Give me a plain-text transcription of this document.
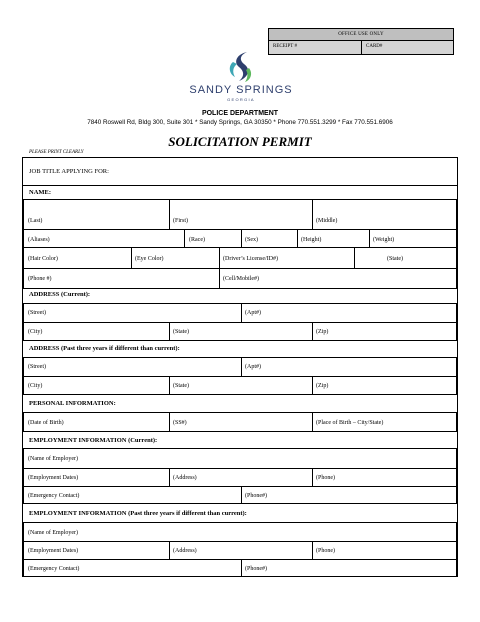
OFFICE USE ONLY
RECEIPT #	CARD#
SANDY SPRINGS
GEORGIA
POLICE DEPARTMENT
7840 Roswell Rd, Bldg 300, Suite 301 * Sandy Springs, GA 30350 * Phone 770.551.3299 * Fax 770.551.6906
SOLICITATION PERMIT
PLEASE PRINT CLEARLY
JOB TITLE APPLYING FOR:
NAME:
(Last)	(First)	(Middle)
(Aliases)	(Race)	(Sex)	(Height)	(Weight)
(Hair Color)	(Eye Color)	(Driver’s License/ID#)	(State)
(Phone #)	(Cell/Mobile#)
ADDRESS (Current):
(Street)	(Apt#)
(City)	(State)	(Zip)
ADDRESS (Past three years if different than current):
(Street)	(Apt#)
(City)	(State)	(Zip)
PERSONAL INFORMATION:
(Date of Birth)	(SS#)	(Place of Birth – City/State)
EMPLOYMENT INFORMATION (Current):
(Name of Employer)
(Employment Dates)	(Address)	(Phone)
(Emergency Contact)	(Phone#)
EMPLOYMENT INFORMATION (Past three years if different than current):
(Name of Employer)
(Employment Dates)	(Address)	(Phone)
(Emergency Contact)	(Phone#)
